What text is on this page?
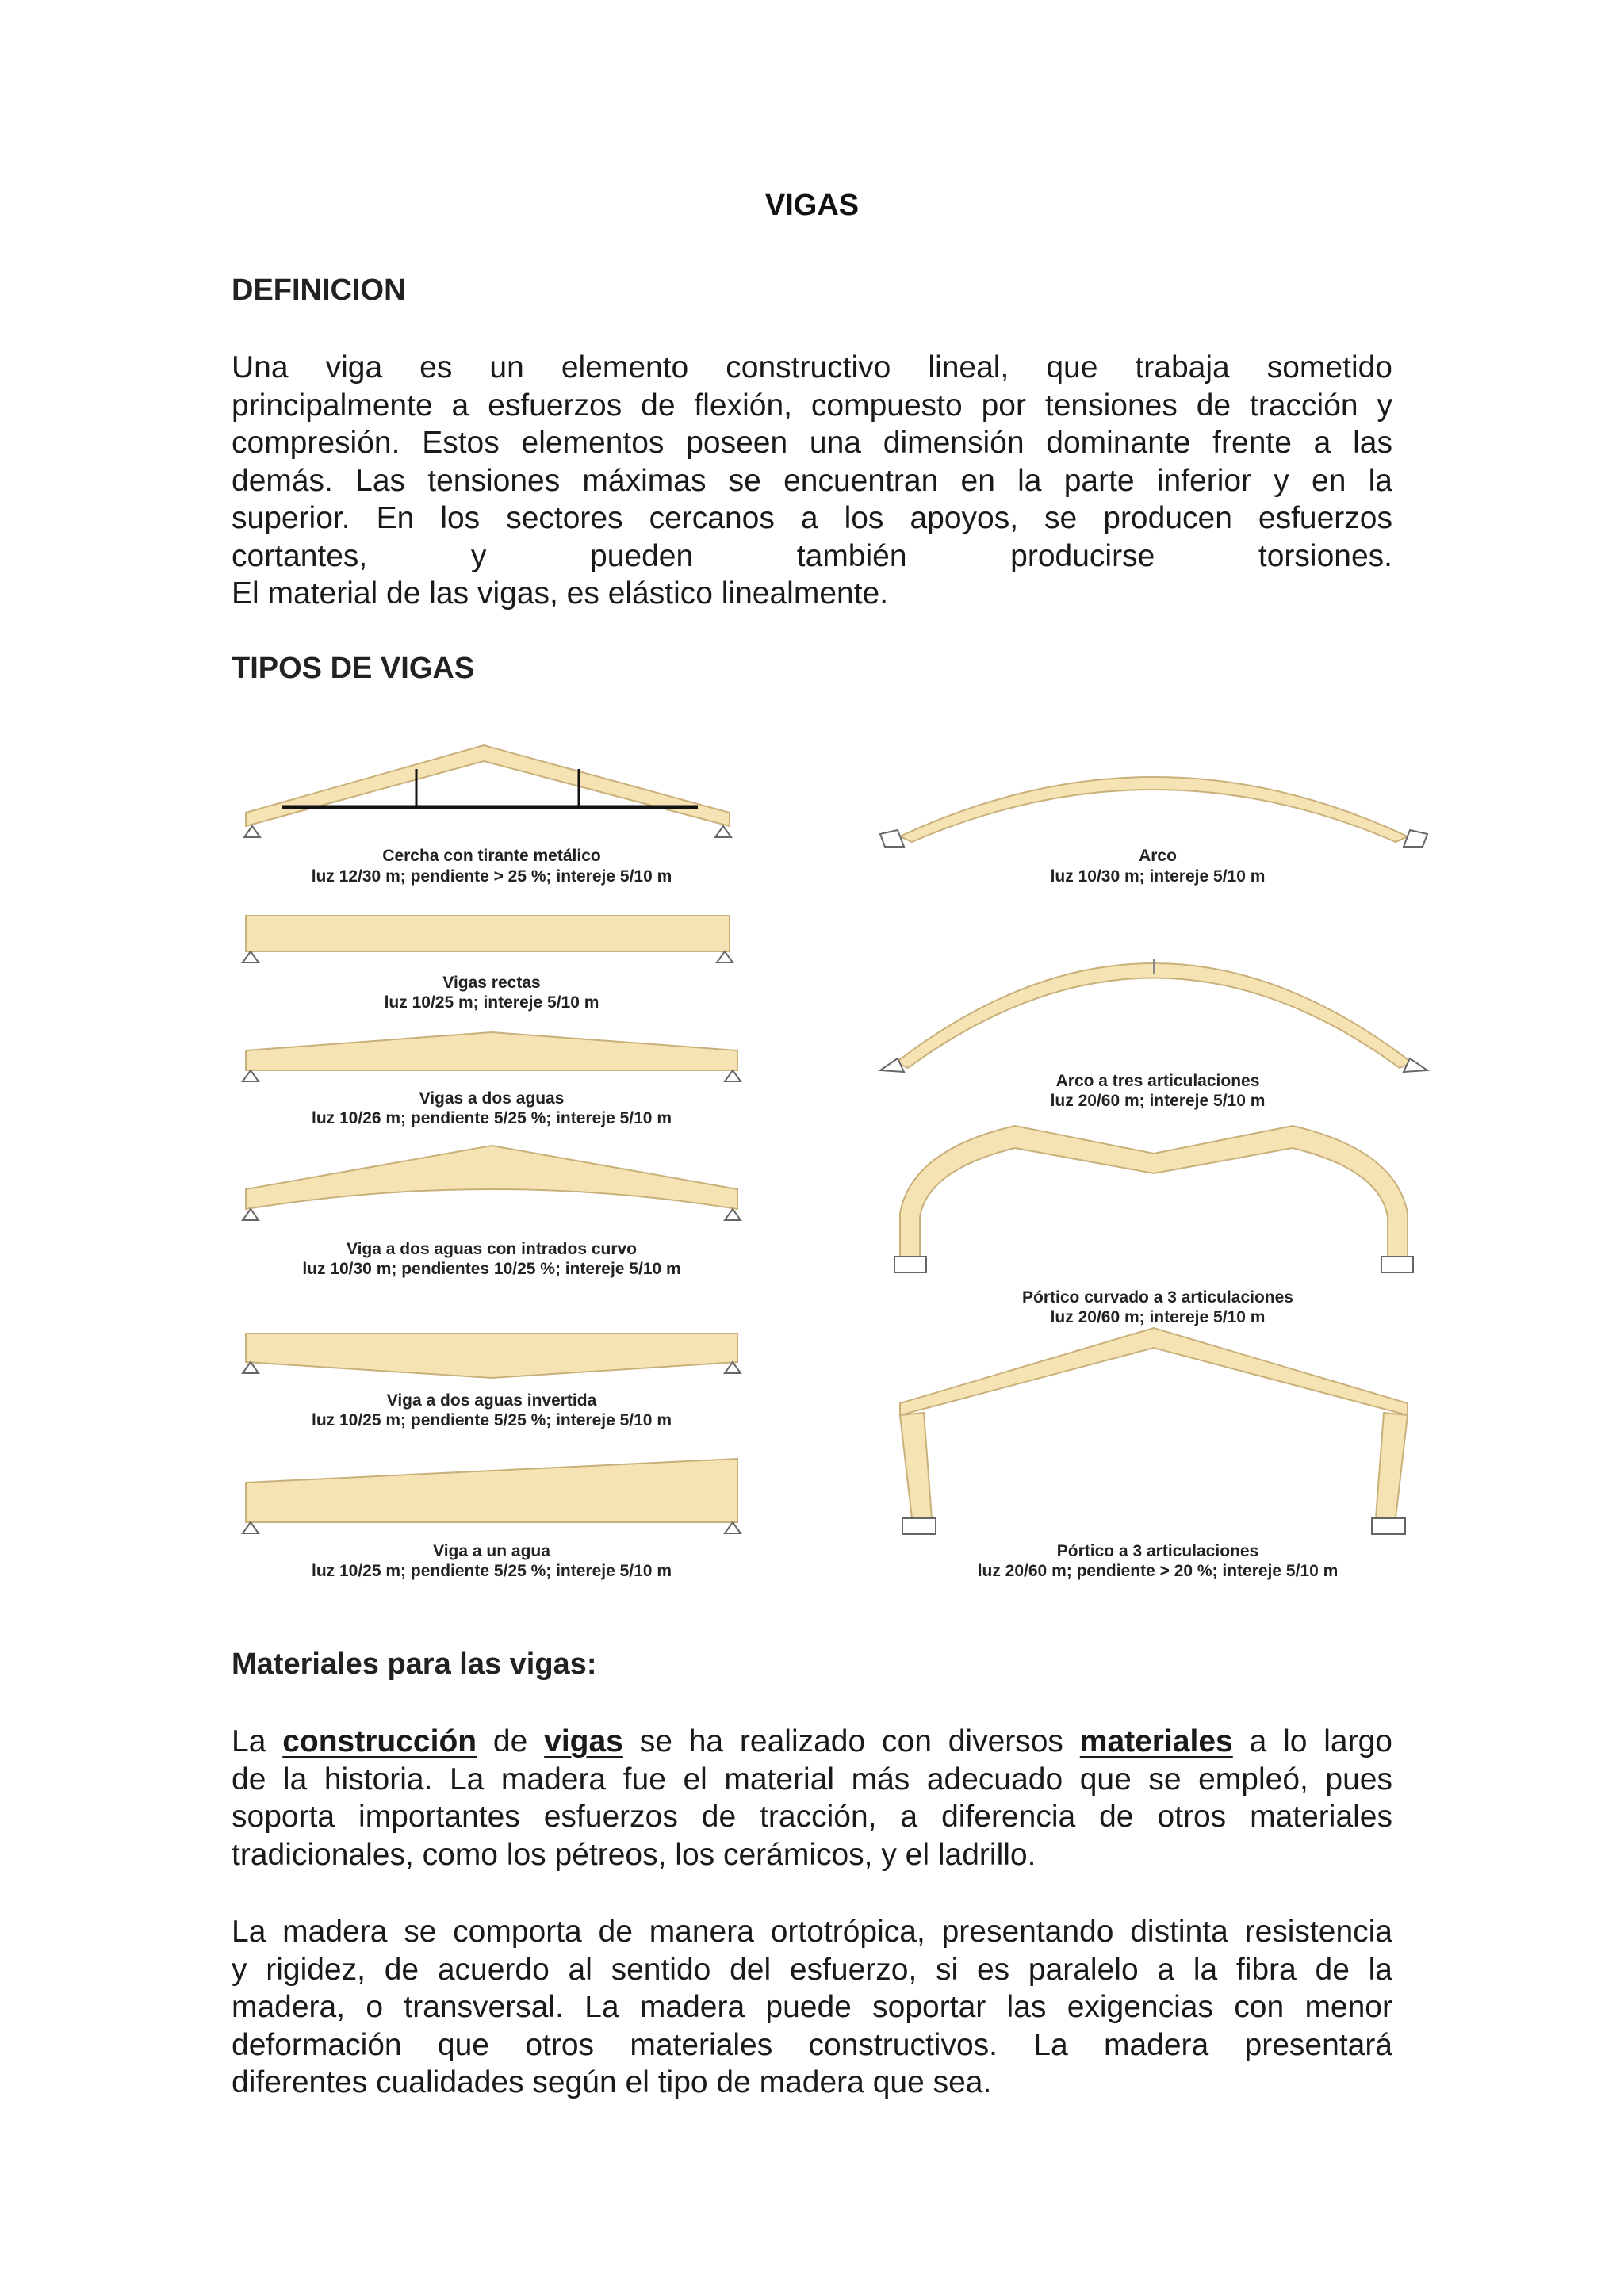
VIGAS
DEFINICION
Una viga es un elemento constructivo lineal, que trabaja sometido
principalmente a esfuerzos de flexión, compuesto por tensiones de tracción y
compresión. Estos elementos poseen una dimensión dominante frente a las
demás. Las tensiones máximas se encuentran en la parte inferior y en la
superior. En los sectores cercanos a los apoyos, se producen esfuerzos
cortantes, y pueden también producirse torsiones.
El material de las vigas, es elástico linealmente.
TIPOS DE VIGAS
Cercha con tirante metálico
luz 12/30 m; pendiente > 25 %; intereje 5/10 m
Vigas rectas
luz 10/25 m; intereje 5/10 m
Vigas a dos aguas
luz 10/26 m; pendiente 5/25 %; intereje 5/10 m
Viga a dos aguas con intrados curvo
luz 10/30 m; pendientes 10/25 %; intereje 5/10 m
Viga a dos aguas invertida
luz 10/25 m; pendiente 5/25 %; intereje 5/10 m
Viga a un agua
luz 10/25 m; pendiente 5/25 %; intereje 5/10 m
Arco
luz 10/30 m; intereje 5/10 m
Arco a tres articulaciones
luz 20/60 m; intereje 5/10 m
Pórtico curvado a 3 articulaciones
luz 20/60 m; intereje 5/10 m
Pórtico a 3 articulaciones
luz 20/60 m; pendiente > 20 %; intereje 5/10 m
Materiales para las vigas:
La construcción de vigas se ha realizado con diversos materiales a lo largo
de la historia. La madera fue el material más adecuado que se empleó, pues
soporta importantes esfuerzos de tracción, a diferencia de otros materiales
tradicionales, como los pétreos, los cerámicos, y el ladrillo.
La madera se comporta de manera ortotrópica, presentando distinta resistencia
y rigidez, de acuerdo al sentido del esfuerzo, si es paralelo a la fibra de la
madera, o transversal. La madera puede soportar las exigencias con menor
deformación que otros materiales constructivos. La madera presentará
diferentes cualidades según el tipo de madera que sea.
